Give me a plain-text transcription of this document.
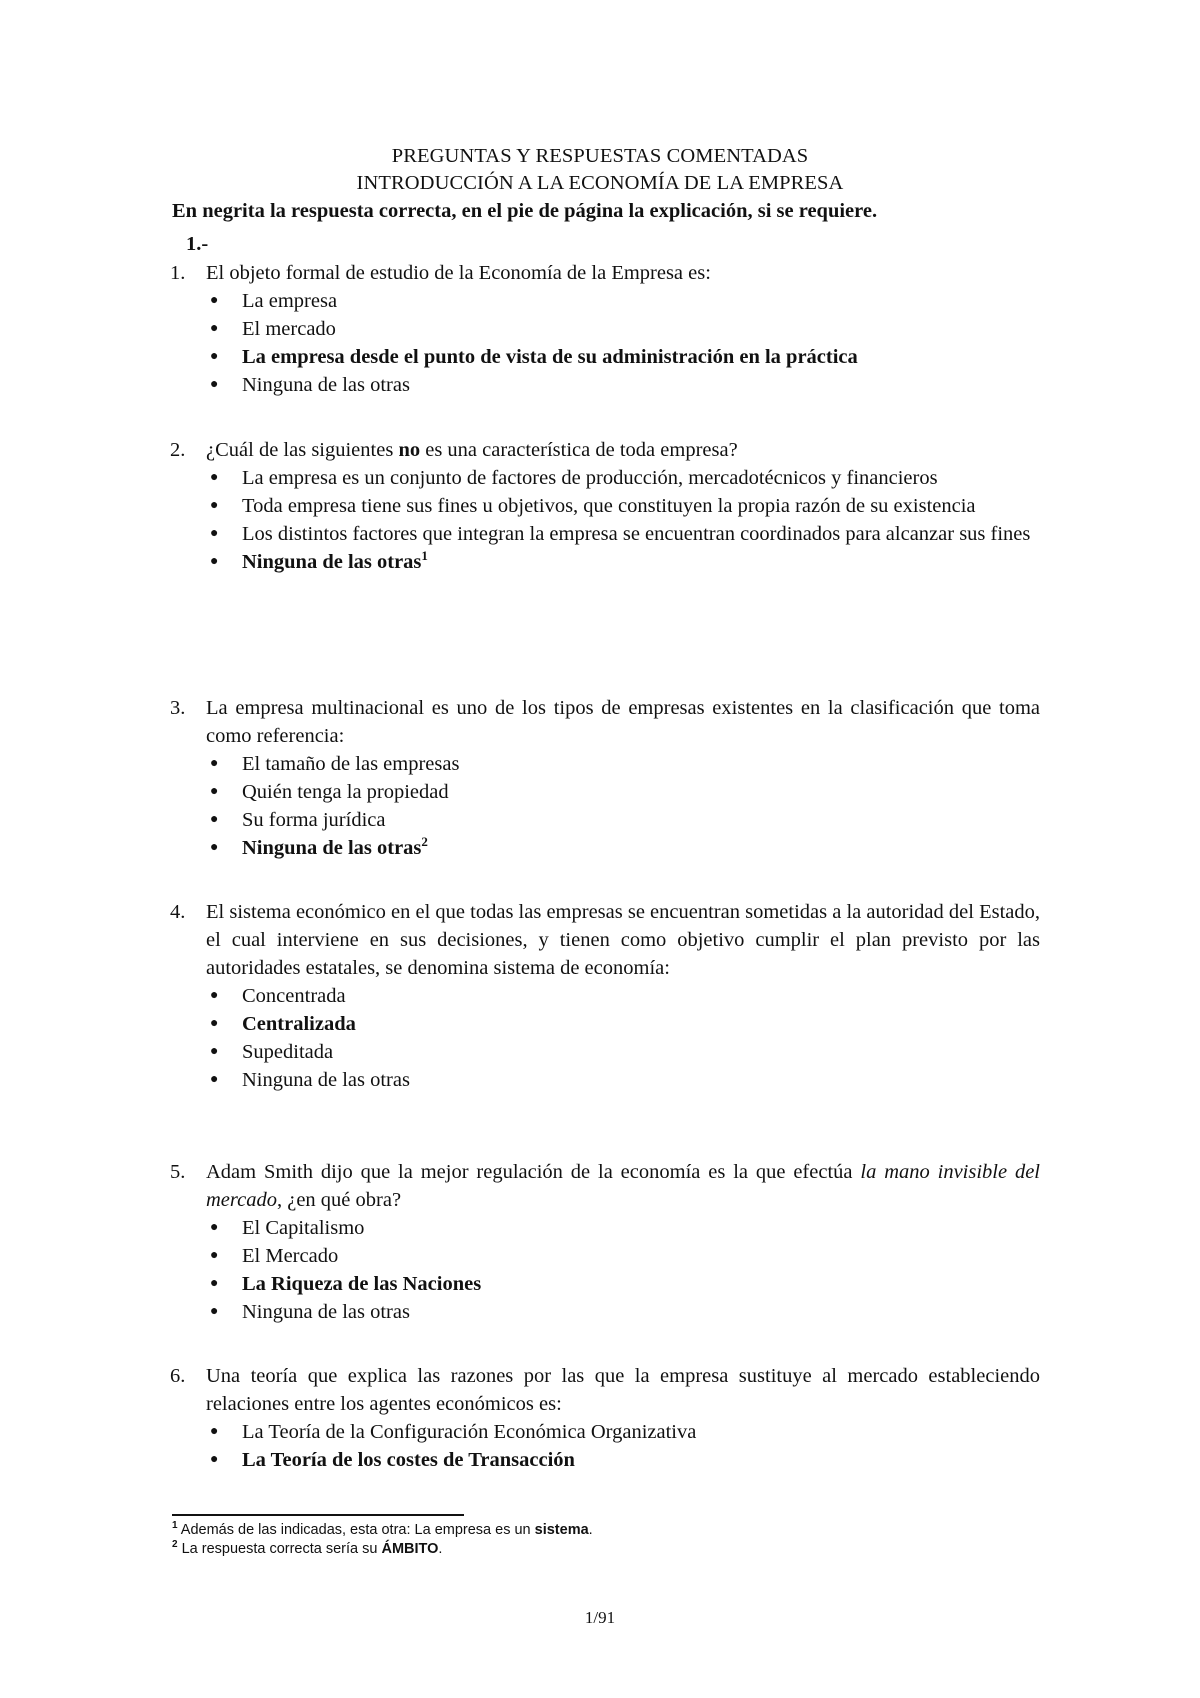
PREGUNTAS Y RESPUESTAS COMENTADAS
INTRODUCCIÓN A LA ECONOMÍA DE LA EMPRESA
En negrita la respuesta correcta, en el pie de página la explicación, si se requiere.
1.-
1.	El objeto formal de estudio de la Economía de la Empresa es:
● La empresa
● El mercado
● La empresa desde el punto de vista de su administración en la práctica
● Ninguna de las otras
2.	¿Cuál de las siguientes no es una característica de toda empresa?
● La empresa es un conjunto de factores de producción, mercadotécnicos y financieros
● Toda empresa tiene sus fines u objetivos, que constituyen la propia razón de su existencia
● Los distintos factores que integran la empresa se encuentran coordinados para alcanzar sus fines
● Ninguna de las otras$^1$
3.	La empresa multinacional es uno de los tipos de empresas existentes en la clasificación que toma como referencia:
● El tamaño de las empresas
● Quién tenga la propiedad
● Su forma jurídica
● Ninguna de las otras$^2$
4.	El sistema económico en el que todas las empresas se encuentran sometidas a la autoridad del Estado, el cual interviene en sus decisiones, y tienen como objetivo cumplir el plan previsto por las autoridades estatales, se denomina sistema de economía:
● Concentrada
● Centralizada
● Supeditada
● Ninguna de las otras
5.	Adam Smith dijo que la mejor regulación de la economía es la que efectúa la mano invisible del mercado, ¿en qué obra?
● El Capitalismo
● El Mercado
● La Riqueza de las Naciones
● Ninguna de las otras
6.	Una teoría que explica las razones por las que la empresa sustituye al mercado estableciendo relaciones entre los agentes económicos es:
● La Teoría de la Configuración Económica Organizativa
● La Teoría de los costes de Transacción
$^1$ Además de las indicadas, esta otra: La empresa es un sistema.
$^2$ La respuesta correcta sería su ÁMBITO.
1/91
